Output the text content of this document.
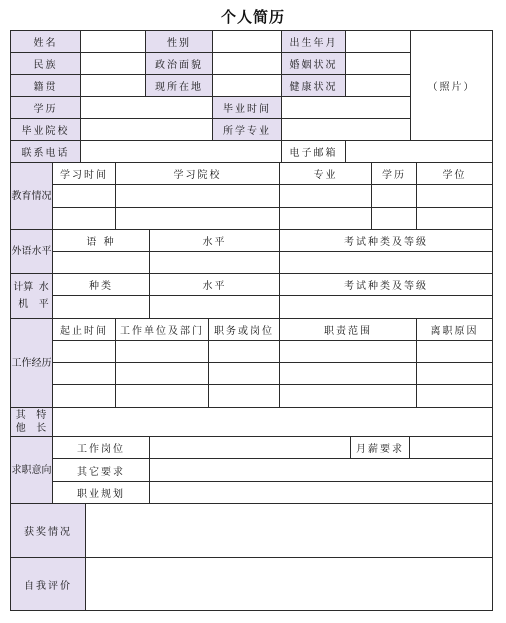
个人简历
姓名	性别	出生年月
（照片）
民族	政治面貌	婚姻状况
籍贯	现所在地	健康状况
学历	毕业时间
毕业院校	所学专业
联系电话	电子邮箱
教育 情况
学习时间	学习院校	专业	学历	学位
外语 水平
语 种	水平	考试种类及等级
计算机

水平
种类	水平	考试种类及等级
工 作 经 历
起止时间	工作单位及部门	职务或岗位	职责范围	离职原因
其他

特长
求职 意向
工作岗位	月薪要求
其它要求
职业规划
获奖情况
自我评价
